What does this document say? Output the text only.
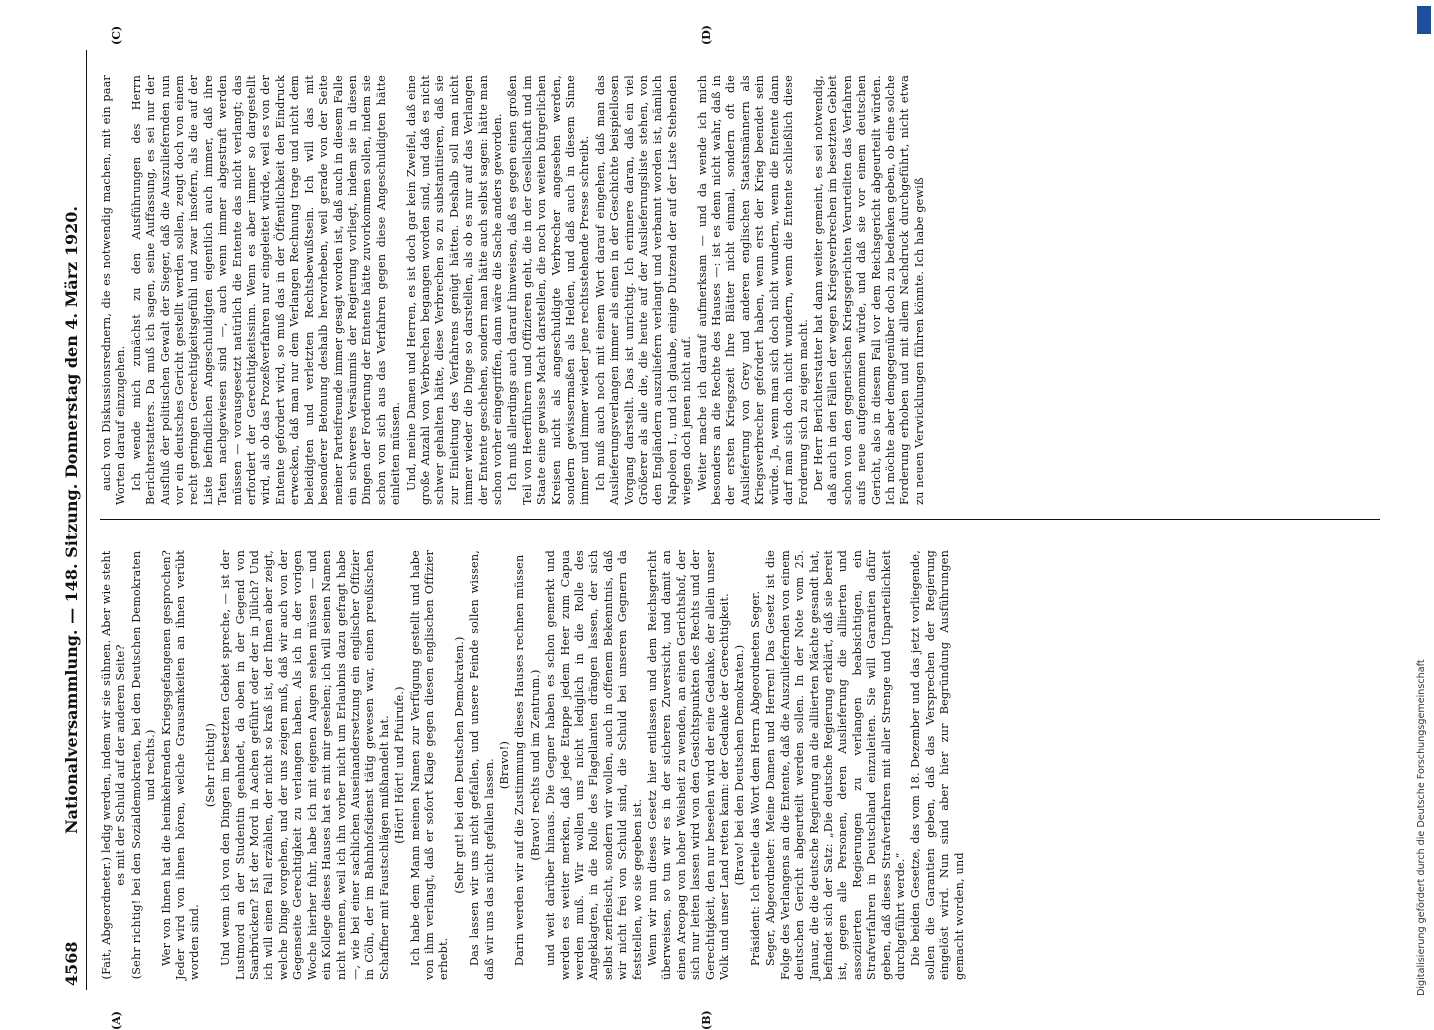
4568
Nationalversammlung. — 148. Sitzung. Donnerstag den 4. März 1920.
(A)	(B)
(C)	(D)

(Fait, Abgeordneter.) ledig werden, indem wir sie sühnen. Aber wie steht es mit der Schuld auf der anderen Seite? (Sehr richtig! bei den Sozialdemokraten, bei den Deutschen Demokraten und rechts.) Wer von Ihnen hat die heimkehrenden Kriegsgefangenen gesprochen? Jeder wird von ihnen hören, welche Grausamkeiten an ihnen verübt worden sind.

(Sehr richtig!) Und wenn ich von den Dingen im besetzten Gebiet spreche, — ist der Lustmord an der Studentin geahndet, da oben in der Gegend von Saarbrücken? Ist der Mord in Aachen geführt oder der in Jülich? Und ich will einen Fall erzählen, der nicht so kraß ist, der Ihnen aber zeigt, welche Dinge vorgehen, und der uns zeigen muß, daß wir auch von der Gegenseite Gerechtigkeit zu verlangen haben. Als ich in der vorigen Woche hierher fuhr, habe ich mit eigenen Augen sehen müssen — und ein Kollege dieses Hauses hat es mit mir gesehen; ich will seinen Namen nicht nennen, weil ich ihn vorher nicht um Erlaubnis dazu gefragt habe —, wie bei einer sachlichen Auseinandersetzung ein englischer Offizier in Cöln, der im Bahnhofsdienst tätig gewesen war, einen preußischen Schaffner mit Faustschlägen mißhandelt hat. (Hört! Hört! und Pfuirufe.) Ich habe dem Mann meinen Namen zur Verfügung gestellt und habe von ihm verlangt, daß er sofort Klage gegen diesen englischen Offizier erhebt.

(Sehr gut! bei den Deutschen Demokraten.) Das lassen wir uns nicht gefallen, und unsere Feinde sollen wissen, daß wir uns das nicht gefallen lassen. (Bravo!) Darin werden wir auf die Zustimmung dieses Hauses rechnen müssen (Bravo! rechts und im Zentrum.) und weit darüber hinaus. Die Gegner haben es schon gemerkt und werden es weiter merken, daß jede Etappe jedem Heer zum Capua werden muß. Wir wollen uns nicht lediglich in die Rolle des Angeklagten, in die Rolle des Flagellanten drängen lassen, der sich selbst zerfleischt, sondern wir wollen, auch in offenem Bekenntnis, daß wir nicht frei von Schuld sind, die Schuld bei unseren Gegnern da feststellen, wo sie gegeben ist. Wenn wir nun dieses Gesetz hier entlassen und dem Reichsgericht überweisen, so tun wir es in der sicheren Zuversicht, und damit an einen Areopag von hoher Weisheit zu wenden, an einen Gerichtshof, der sich nur leiten lassen wird von den Gesichtspunkten des Rechts und der Gerechtigkeit, den nur beseelen wird der eine Gedanke, der allein unser Volk und unser Land retten kann: der Gedanke der Gerechtigkeit. (Bravo! bei den Deutschen Demokraten.) Präsident: Ich erteile das Wort dem Herrn Abgeordneten Seger. Seger, Abgeordneter: Meine Damen und Herren! Das Gesetz ist die Folge des Verlangens an die Entente, daß die Auszuliefernden von einem deutschen Gericht abgeurteilt werden sollen. In der Note vom 25. Januar, die die deutsche Regierung an die alliierten Mächte gesandt hat, befindet sich der Satz: „Die deutsche Regierung erklärt, daß sie bereit ist, gegen alle Personen, deren Auslieferung die alliierten und assoziierten Regierungen zu verlangen beabsichtigen, ein Strafverfahren in Deutschland einzuleiten. Sie will Garantien dafür geben, daß dieses Strafverfahren mit aller Strenge und Unparteilichkeit durchgeführt werde.“ Die beiden Gesetze, das vom 18. Dezember und das jetzt vorliegende, sollen die Garantien geben, daß das Versprechen der Regierung eingelöst wird. Nun sind aber hier zur Begründung Ausführungen gemacht worden, und

auch von Diskussionsrednern, die es notwendig machen, mit ein paar Worten darauf einzugehen. Ich wende mich zunächst zu den Ausführungen des Herrn Berichterstatters. Da muß ich sagen, seine Auffassung, es sei nur der Ausfluß der politischen Gewalt der Sieger, daß die Auszuliefernden nun vor ein deutsches Gericht gestellt werden sollen, zeugt doch von einem recht geringen Gerechtigkeitsgefühl und zwar insofern, als die auf der Liste befindlichen Angeschuldigten eigentlich auch immer, daß ihre Taten nachgewiesen sind —, auch wenn immer abgestraft werden müssen — vorausgesetzt natürlich die Entente das nicht verlangt; das erfordert der Gerechtigkeitssinn. Wenn es aber immer so dargestellt wird, als ob das Prozeßverfahren nur eingeleitet würde, weil es von der Entente gefordert wird, so muß das in der Öffentlichkeit den Eindruck erwecken, daß man nur dem Verlangen Rechnung trage und nicht dem beleidigten und verletzten Rechtsbewußtsein. Ich will das mit besonderer Betonung deshalb hervorheben, weil gerade von der Seite meiner Parteifreunde immer gesagt worden ist, daß auch in diesem Falle ein schweres Versäumnis der Regierung vorliegt, indem sie in diesen Dingen der Forderung der Entente hätte zuvorkommen sollen, indem sie schon von sich aus das Verfahren gegen diese Angeschuldigten hätte einleiten müssen. Und, meine Damen und Herren, es ist doch gar kein Zweifel, daß eine große Anzahl von Verbrechen begangen worden sind, und daß es nicht schwer gehalten hätte, diese Verbrechen so zu substantiieren, daß sie zur Einleitung des Verfahrens genügt hätten. Deshalb soll man nicht immer wieder die Dinge so darstellen, als ob es nur auf das Verlangen der Entente geschehen, sondern man hätte auch selbst sagen: hätte man schon vorher eingegriffen, dann wäre die Sache anders geworden. Ich muß allerdings auch darauf hinweisen, daß es gegen einen großen Teil von Heerführern und Offizieren geht, die in der Gesellschaft und im Staate eine gewisse Macht darstellen, die noch von weiten bürgerlichen Kreisen nicht als angeschuldigte Verbrecher angesehen werden, sondern gewissermaßen als Helden, und daß auch in diesem Sinne immer und immer wieder jene rechtsstehende Presse schreibt. Ich muß auch noch mit einem Wort darauf eingehen, daß man das Auslieferungsverlangen immer als einen in der Geschichte beispiellosen Vorgang darstellt. Das ist unrichtig. Ich erinnere daran, daß ein viel Größerer als alle die, die heute auf der Auslieferungsliste stehen, von den Engländern auszuliefern verlangt und verbannt worden ist, nämlich Napoleon I., und ich glaube, einige Dutzend der auf der Liste Stehenden wiegen doch jenen nicht auf. Weiter mache ich darauf aufmerksam — und da wende ich mich besonders an die Rechte des Hauses —: ist es denn nicht wahr, daß in der ersten Kriegszeit Ihre Blätter nicht einmal, sondern oft die Auslieferung von Grey und anderen englischen Staatsmännern als Kriegsverbrecher gefordert haben, wenn erst der Krieg beendet sein würde. Ja, wenn man sich doch nicht wundern, wenn die Entente dann darf man sich doch nicht wundern, wenn die Entente schließlich diese Forderung sich zu eigen macht. Der Herr Berichterstatter hat dann weiter gemeint, es sei notwendig, daß auch in den Fällen der wegen Kriegsverbrechen im besetzten Gebiet schon von den gegnerischen Kriegsgerichten Verurteilten das Verfahren aufs neue aufgenommen würde, und daß sie vor einem deutschen Gericht, also in diesem Fall vor dem Reichsgericht abgeurteilt würden. Ich möchte aber demgegenüber doch zu bedenken geben, ob eine solche Forderung erhoben und mit allem Nachdruck durchgeführt, nicht etwa zu neuen Verwicklungen führen könnte. Ich habe gewiß

Digitalisierung gefördert durch die Deutsche Forschungsgemeinschaft
